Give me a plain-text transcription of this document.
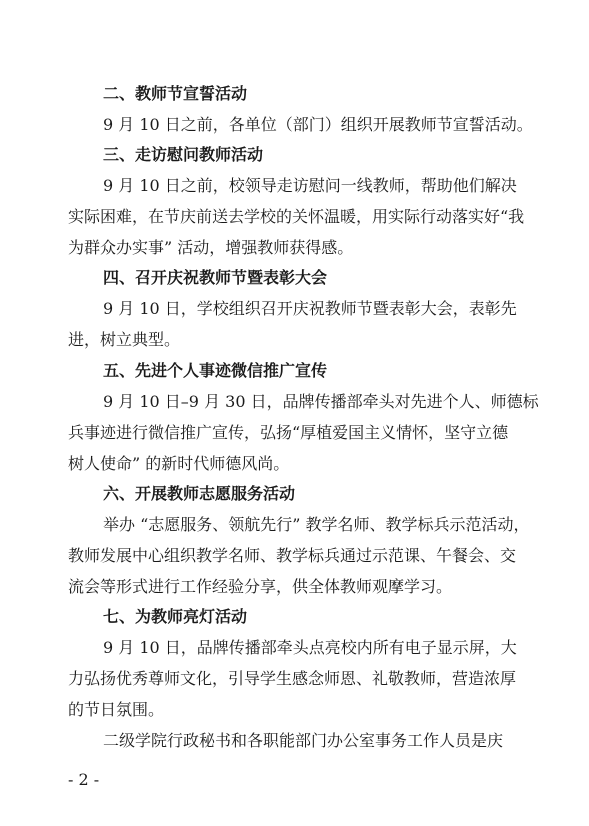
二、教师节宣誓活动
9 月 10 日之前，各单位（部门）组织开展教师节宣誓活动。
三、走访慰问教师活动
9 月 10 日之前，校领导走访慰问一线教师，帮助他们解决
实际困难，在节庆前送去学校的关怀温暖，用实际行动落实好“我
为群众办实事” 活动，增强教师获得感。
四、召开庆祝教师节暨表彰大会
9 月 10 日，学校组织召开庆祝教师节暨表彰大会，表彰先
进，树立典型。
五、先进个人事迹微信推广宣传
9 月 10 日–9 月 30 日，品牌传播部牵头对先进个人、师德标
兵事迹进行微信推广宣传，弘扬“厚植爱国主义情怀，坚守立德
树人使命” 的新时代师德风尚。
六、开展教师志愿服务活动
举办 “志愿服务、领航先行” 教学名师、教学标兵示范活动，
教师发展中心组织教学名师、教学标兵通过示范课、午餐会、交
流会等形式进行工作经验分享，供全体教师观摩学习。
七、为教师亮灯活动
9 月 10 日，品牌传播部牵头点亮校内所有电子显示屏，大
力弘扬优秀尊师文化，引导学生感念师恩、礼敬教师，营造浓厚
的节日氛围。
二级学院行政秘书和各职能部门办公室事务工作人员是庆
- 2 -
